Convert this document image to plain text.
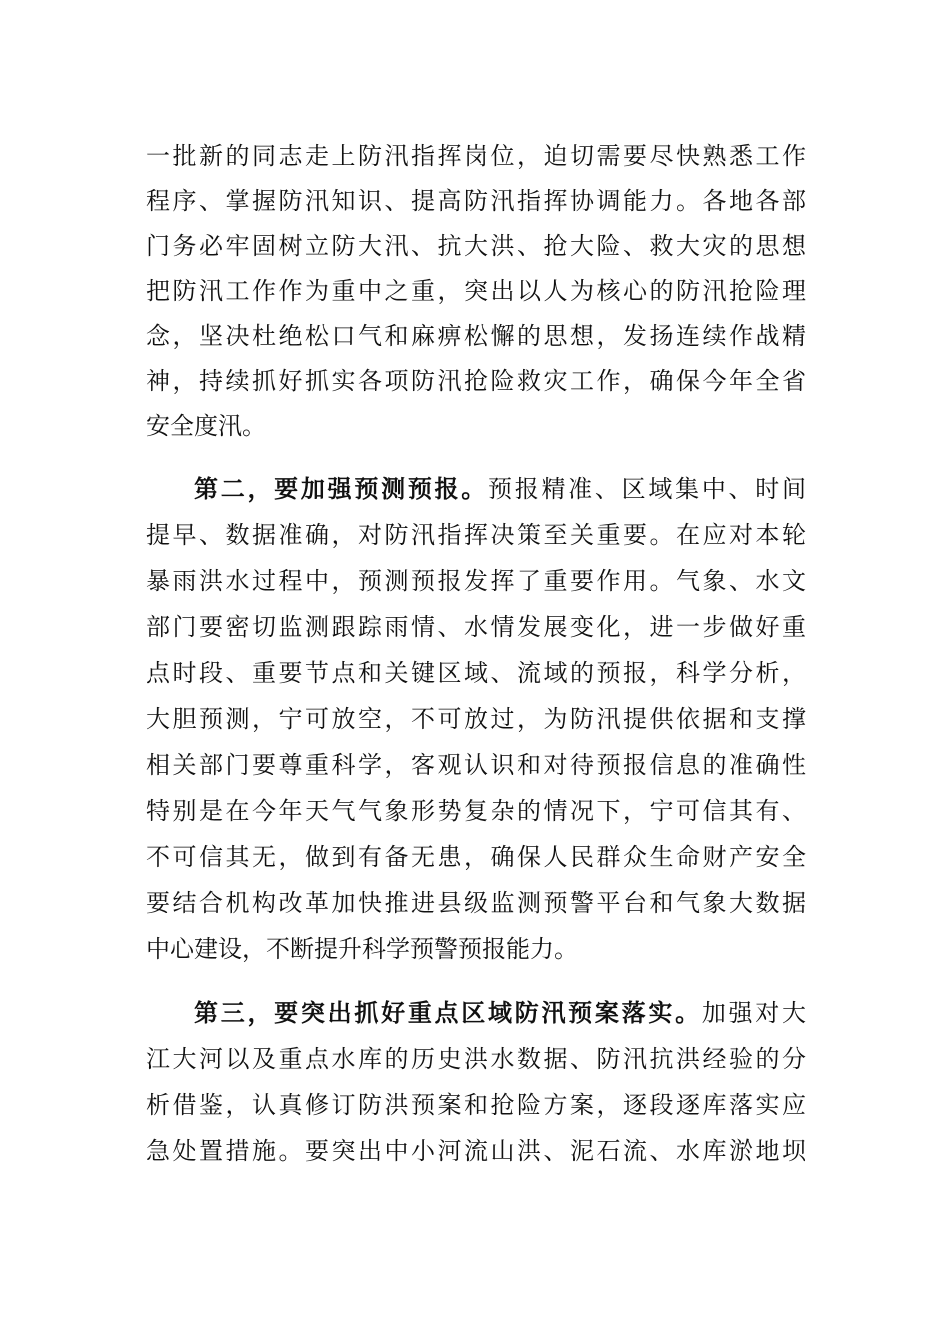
一批新的同志走上防汛指挥岗位，迫切需要尽快熟悉工作
程序、掌握防汛知识、提高防汛指挥协调能力。各地各部
门务必牢固树立防大汛、抗大洪、抢大险、救大灾的思想
把防汛工作作为重中之重，突出以人为核心的防汛抢险理
念，坚决杜绝松口气和麻痹松懈的思想，发扬连续作战精
神，持续抓好抓实各项防汛抢险救灾工作，确保今年全省
安全度汛。
第二，要加强预测预报。预报精准、区域集中、时间
提早、数据准确，对防汛指挥决策至关重要。在应对本轮
暴雨洪水过程中，预测预报发挥了重要作用。气象、水文
部门要密切监测跟踪雨情、水情发展变化，进一步做好重
点时段、重要节点和关键区域、流域的预报，科学分析，
大胆预测，宁可放空，不可放过，为防汛提供依据和支撑
相关部门要尊重科学，客观认识和对待预报信息的准确性
特别是在今年天气气象形势复杂的情况下，宁可信其有、
不可信其无，做到有备无患，确保人民群众生命财产安全
要结合机构改革加快推进县级监测预警平台和气象大数据
中心建设，不断提升科学预警预报能力。
第三，要突出抓好重点区域防汛预案落实。加强对大
江大河以及重点水库的历史洪水数据、防汛抗洪经验的分
析借鉴，认真修订防洪预案和抢险方案，逐段逐库落实应
急处置措施。要突出中小河流山洪、泥石流、水库淤地坝
